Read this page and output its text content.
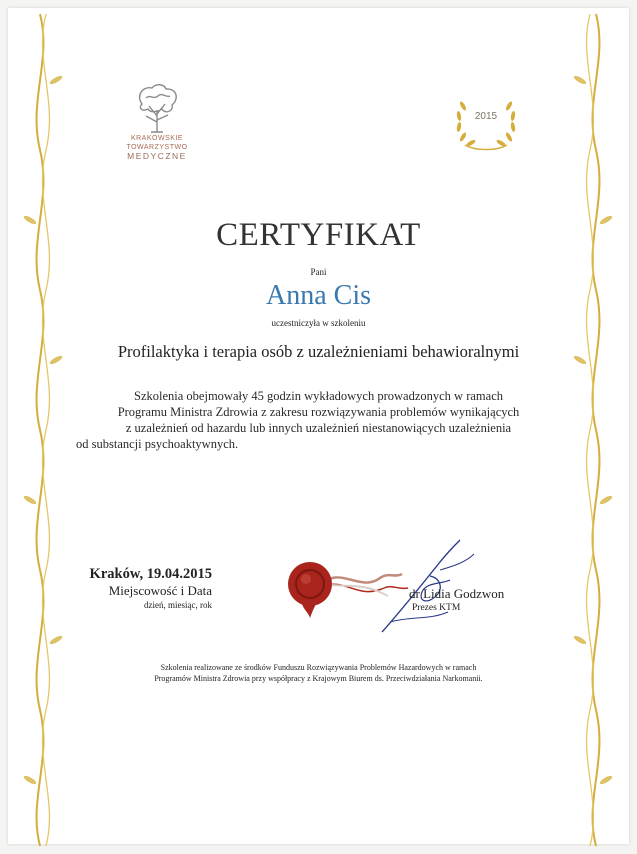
KRAKOWSKIE
TOWARZYSTWO
MEDYCZNE
2015
CERTYFIKAT
Pani
Anna Cis
uczestniczyła w szkoleniu
Profilaktyka i terapia osób z uzależnieniami behawioralnymi
Szkolenia obejmowały 45 godzin wykładowych prowadzonych w ramach
Programu Ministra Zdrowia z zakresu rozwiązywania problemów wynikających
z uzależnień od hazardu lub innych uzależnień niestanowiących uzależnienia
od substancji psychoaktywnych.
Kraków, 19.04.2015
Miejscowość i Data
dzień, miesiąc, rok
dr Lidia Godzwon
Prezes KTM
Szkolenia realizowane ze środków Funduszu Rozwiązywania Problemów Hazardowych w ramach
Programów Ministra Zdrowia przy współpracy z Krajowym Biurem ds. Przeciwdziałania Narkomanii.
